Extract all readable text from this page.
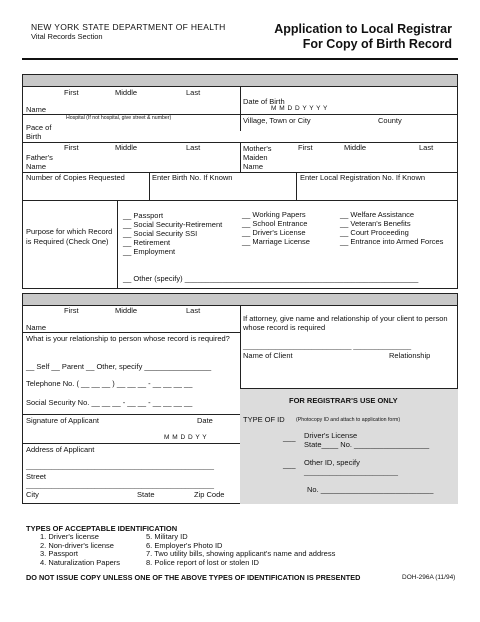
NEW YORK STATE DEPARTMENT OF HEALTH
Vital Records Section
Application to Local Registrar
For Copy of Birth Record
First	Middle	Last
Name
Date of Birth
M M D D Y Y Y Y
Hospital (If not hospital, give street & number)
Pace of Birth
Village, Town or City	County
First	Middle	Last
Father's Name
Mother's Maiden Name
First	Middle	Last
Number of Copies Requested	Enter Birth No. If Known	Enter Local Registration No. If Known
Purpose for which Record is Required (Check One)
__ Passport
__ Social Security-Retirement
__ Social Security SSI
__ Retirement
__ Employment
__ Working Papers
__ School Entrance
__ Driver's License
__ Marriage License
__ Welfare Assistance
__ Veteran's Benefits
__ Court Proceeding
__ Entrance into Armed Forces
__ Other (specify) ________________________________________________________
First	Middle	Last
Name
If attorney, give name and relationship of your client to person whose record is required
______________________________ ________________
Name of Client	Relationship
What is your relationship to person whose record is required?
__ Self __ Parent __ Other, specify ________________
Telephone No. ( __ __ __ ) __ __ __ - __ __ __ __
Social Security No. __ __ __ - __ __ - __ __ __ __
Signature of Applicant	Date
M M D D Y Y
Address of Applicant
____________________________________________________
Street
____________________________________________________
City	State	Zip Code
FOR REGISTRAR'S USE ONLY
TYPE OF ID (Photocopy ID and attach to application form)
___ Driver's License
State____ No. __________________
___ Other ID, specify
__________________________
No. ___________________________
TYPES OF ACCEPTABLE IDENTIFICATION
1. Driver's license
2. Non-driver's license
3. Passport
4. Naturalization Papers
5. Military ID
6. Employer's Photo ID
7. Two utility bills, showing applicant's name and address
8. Police report of lost or stolen ID
DO NOT ISSUE COPY UNLESS ONE OF THE ABOVE TYPES OF IDENTIFICATION IS PRESENTED	DOH-296A (11/94)
